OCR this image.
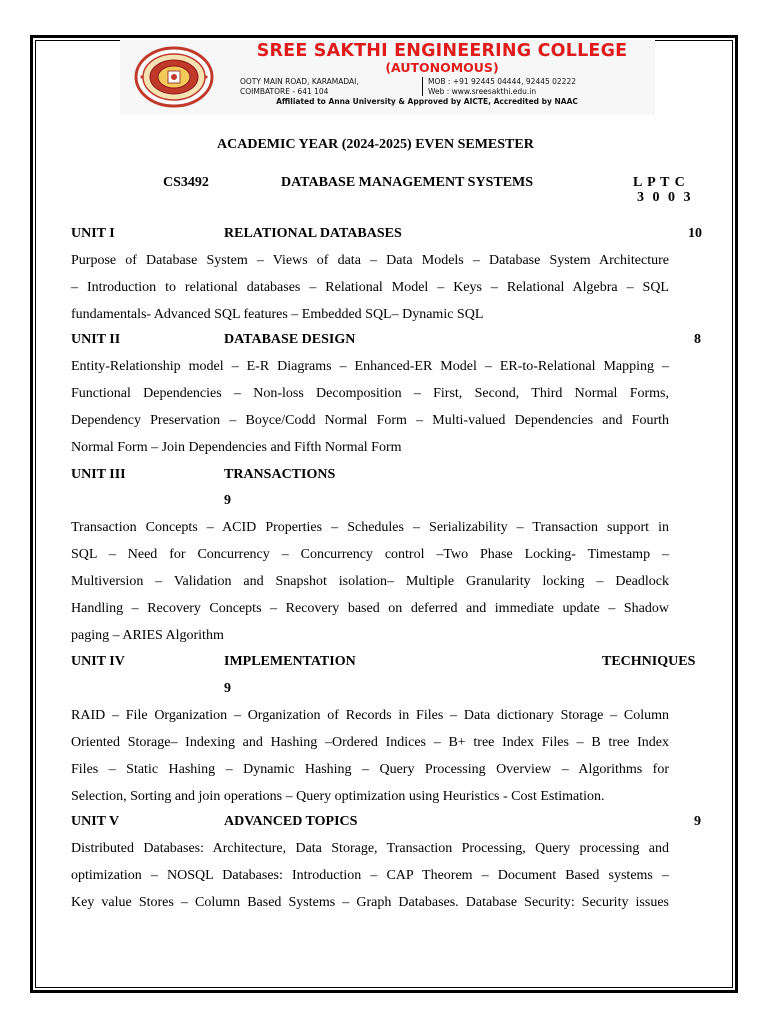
SREE SAKTHI ENGINEERING COLLEGE
(AUTONOMOUS)
OOTY MAIN ROAD, KARAMADAI,
COIMBATORE - 641 104
MOB : +91 92445 04444, 92445 02222
Web : www.sreesakthi.edu.in
Affiliated to Anna University & Approved by AICTE, Accredited by NAAC
ACADEMIC YEAR (2024-2025) EVEN SEMESTER
CS3492	DATABASE MANAGEMENT SYSTEMS	L P T C
3 0 0 3
UNIT I	RELATIONAL DATABASES	10
Purpose of Database System – Views of data – Data Models – Database System Architecture
– Introduction to relational databases – Relational Model – Keys – Relational Algebra – SQL
fundamentals- Advanced SQL features – Embedded SQL– Dynamic SQL
UNIT II	DATABASE DESIGN	8
Entity-Relationship model – E-R Diagrams – Enhanced-ER Model – ER-to-Relational Mapping –
Functional Dependencies – Non-loss Decomposition – First, Second, Third Normal Forms,
Dependency Preservation – Boyce/Codd Normal Form – Multi-valued Dependencies and Fourth
Normal Form – Join Dependencies and Fifth Normal Form
UNIT III	TRANSACTIONS
9
Transaction Concepts – ACID Properties – Schedules – Serializability – Transaction support in
SQL – Need for Concurrency – Concurrency control –Two Phase Locking- Timestamp –
Multiversion – Validation and Snapshot isolation– Multiple Granularity locking – Deadlock
Handling – Recovery Concepts – Recovery based on deferred and immediate update – Shadow
paging – ARIES Algorithm
UNIT IV	IMPLEMENTATION	TECHNIQUES
9
RAID – File Organization – Organization of Records in Files – Data dictionary Storage – Column
Oriented Storage– Indexing and Hashing –Ordered Indices – B+ tree Index Files – B tree Index
Files – Static Hashing – Dynamic Hashing – Query Processing Overview – Algorithms for
Selection, Sorting and join operations – Query optimization using Heuristics - Cost Estimation.
UNIT V	ADVANCED TOPICS	9
Distributed Databases: Architecture, Data Storage, Transaction Processing, Query processing and
optimization – NOSQL Databases: Introduction – CAP Theorem – Document Based systems –
Key value Stores – Column Based Systems – Graph Databases. Database Security: Security issues
